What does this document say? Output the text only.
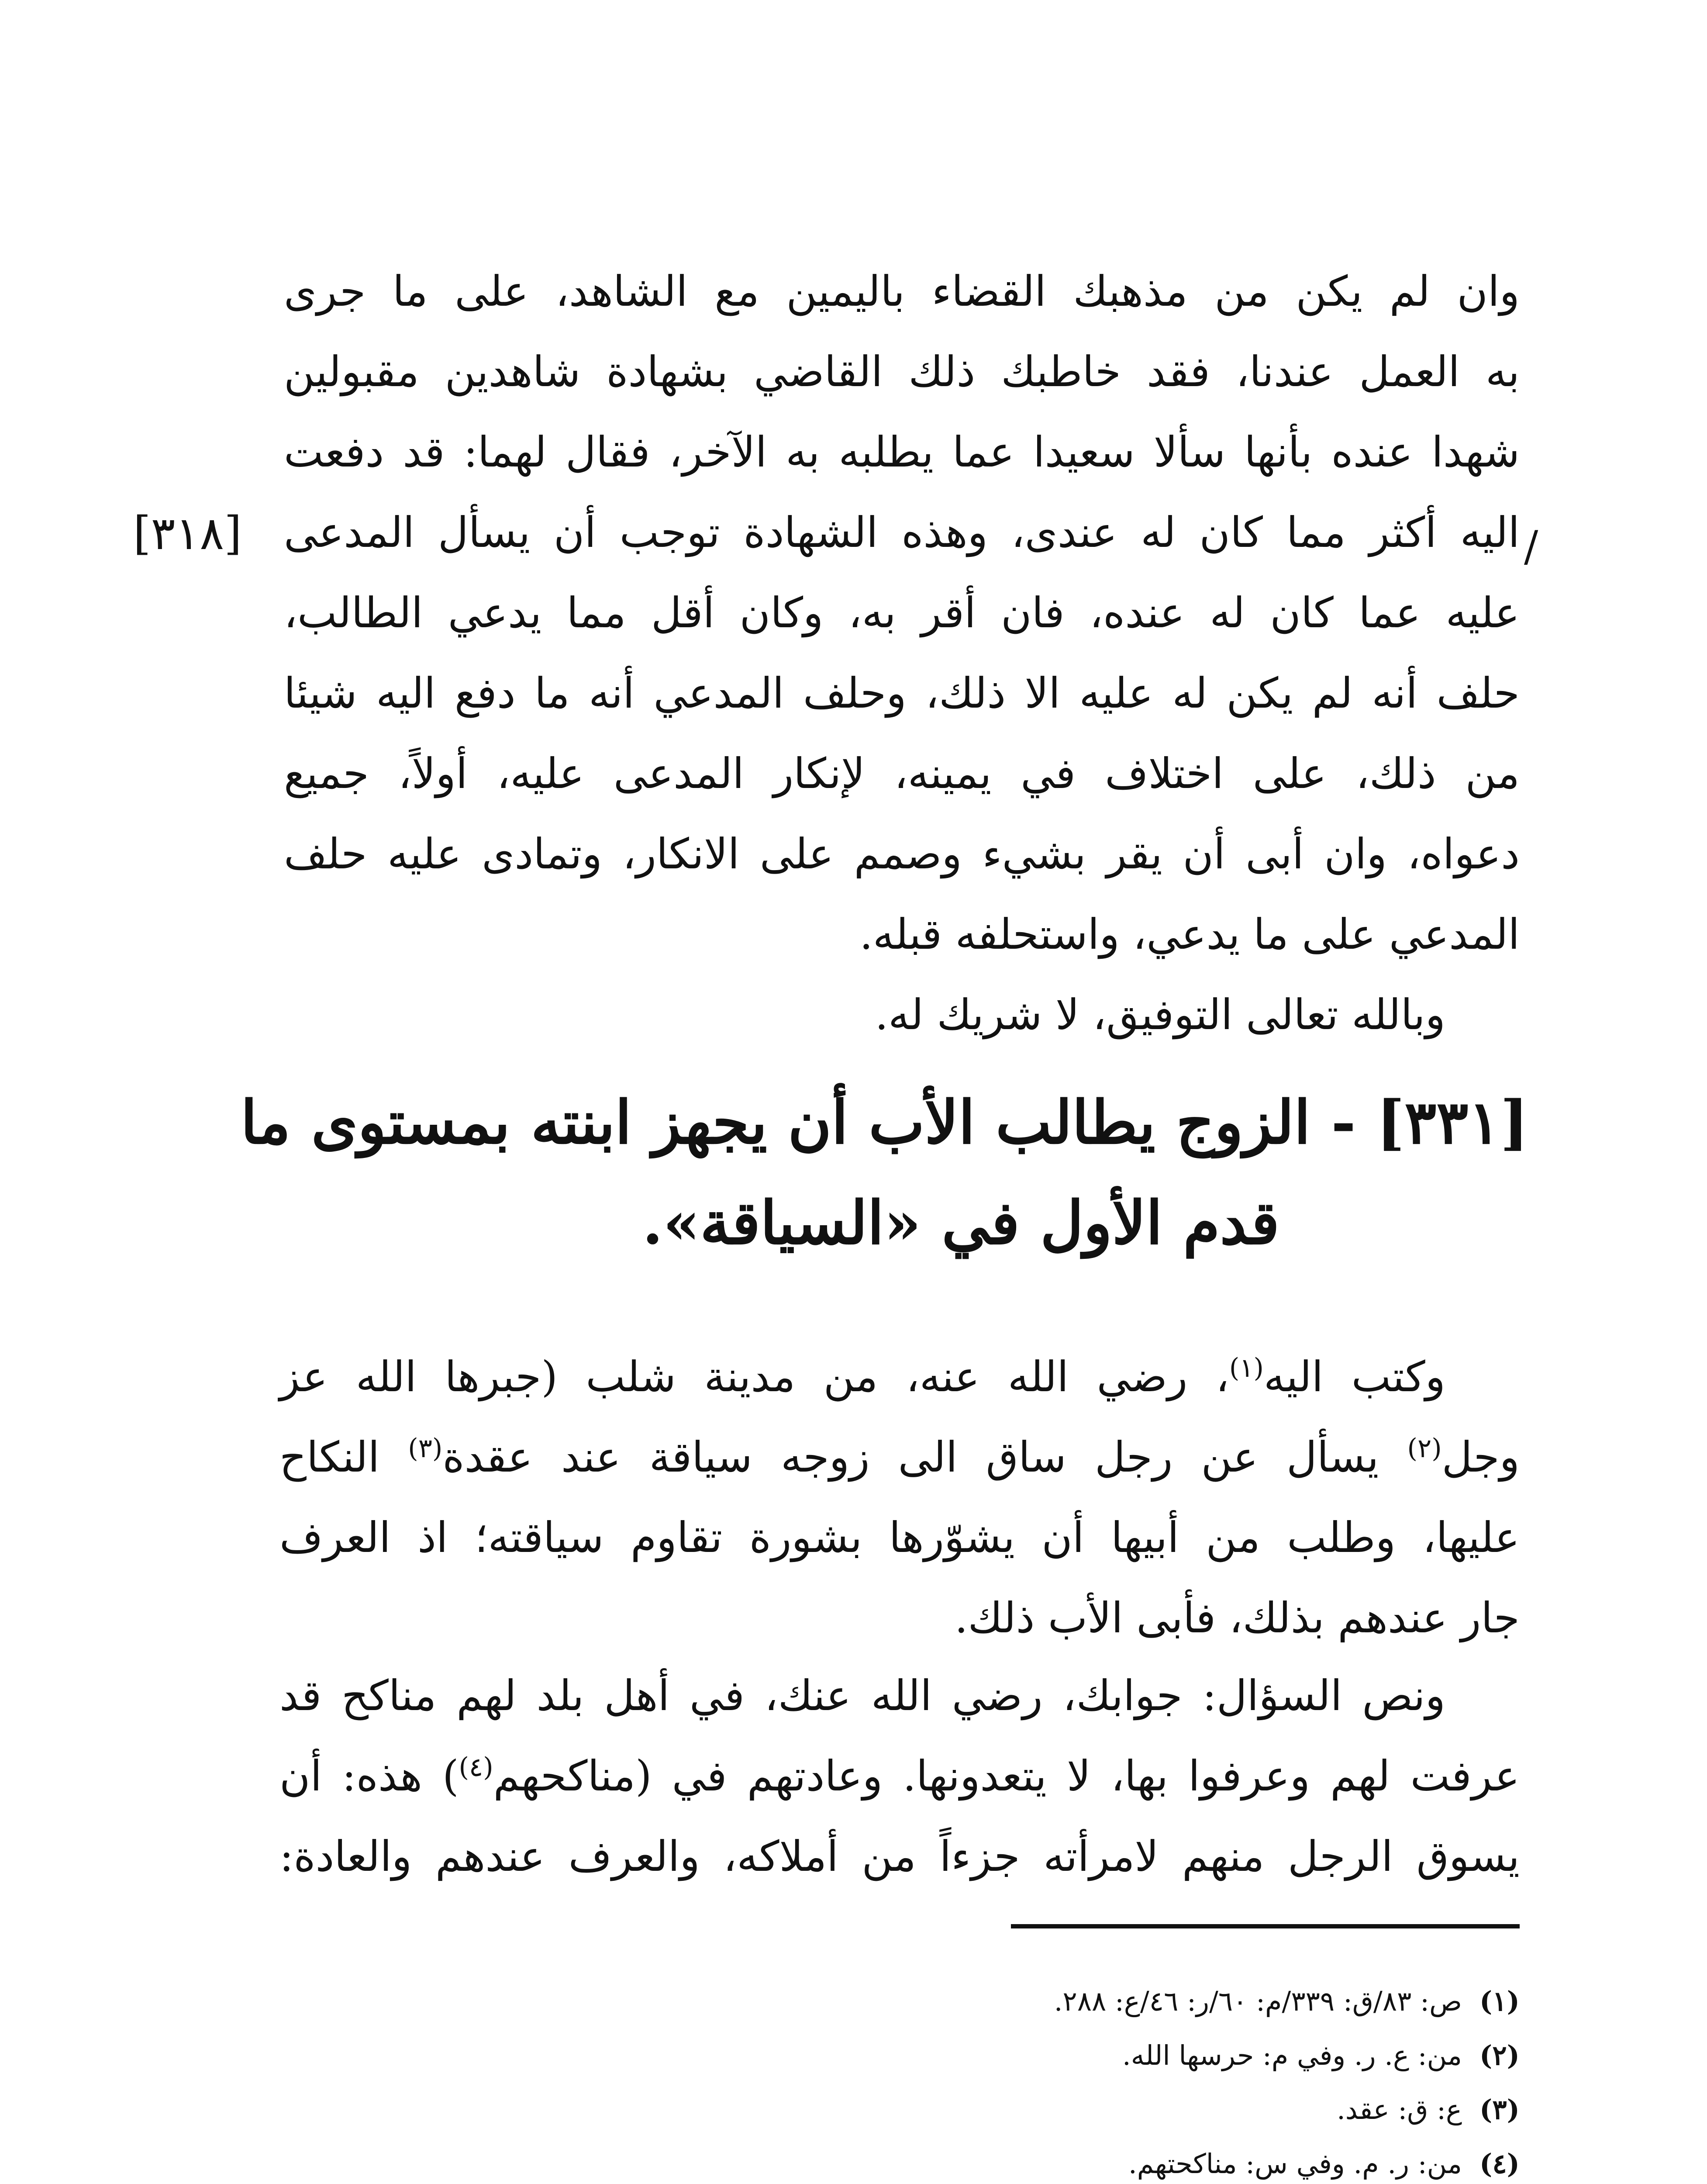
وان لم يكن من مذهبك القضاء باليمين مع الشاهد، على ما جرى
به العمل عندنا، فقد خاطبك ذلك القاضي بشهادة شاهدين مقبولين
شهدا عنده بأنها سألا سعيدا عما يطلبه به الآخر، فقال لهما: قد دفعت
اليه أكثر مما كان له عندى، وهذه الشهادة توجب أن يسأل المدعى
عليه عما كان له عنده، فان أقر به، وكان أقل مما يدعي الطالب،
حلف أنه لم يكن له عليه الا ذلك، وحلف المدعي أنه ما دفع اليه شيئا
من ذلك، على اختلاف في يمينه، لإنكار المدعى عليه، أولاً، جميع
دعواه، وان أبى أن يقر بشيء وصمم على الانكار، وتمادى عليه حلف
المدعي على ما يدعي، واستحلفه قبله.
وبالله تعالى التوفيق، لا شريك له.
[٣١٨]	/
[٣٣١] - الزوج يطالب الأب أن يجهز ابنته بمستوى ما
قدم الأول في «السياقة».
وكتب اليه$^{(١)}$، رضي الله عنه، من مدينة شلب (جبرها الله عز
وجل$^{(٢)}$ يسأل عن رجل ساق الى زوجه سياقة عند عقدة$^{(٣)}$ النكاح
عليها، وطلب من أبيها أن يشوّرها بشورة تقاوم سياقته؛ اذ العرف
جار عندهم بذلك، فأبى الأب ذلك.
ونص السؤال: جوابك، رضي الله عنك، في أهل بلد لهم مناكح قد
عرفت لهم وعرفوا بها، لا يتعدونها. وعادتهم في (مناكحهم$^{(٤)}$) هذه: أن
يسوق الرجل منهم لامرأته جزءاً من أملاكه، والعرف عندهم والعادة:
(١)ص: ٨٣/ق: ٣٣٩/م: ٦٠/ر: ٤٦/ع: ٢٨٨.
(٢)من: ع. ر. وفي م: حرسها الله.
(٣)ع: ق: عقد.
(٤)من: ر. م. وفي س: مناكحتهم.
